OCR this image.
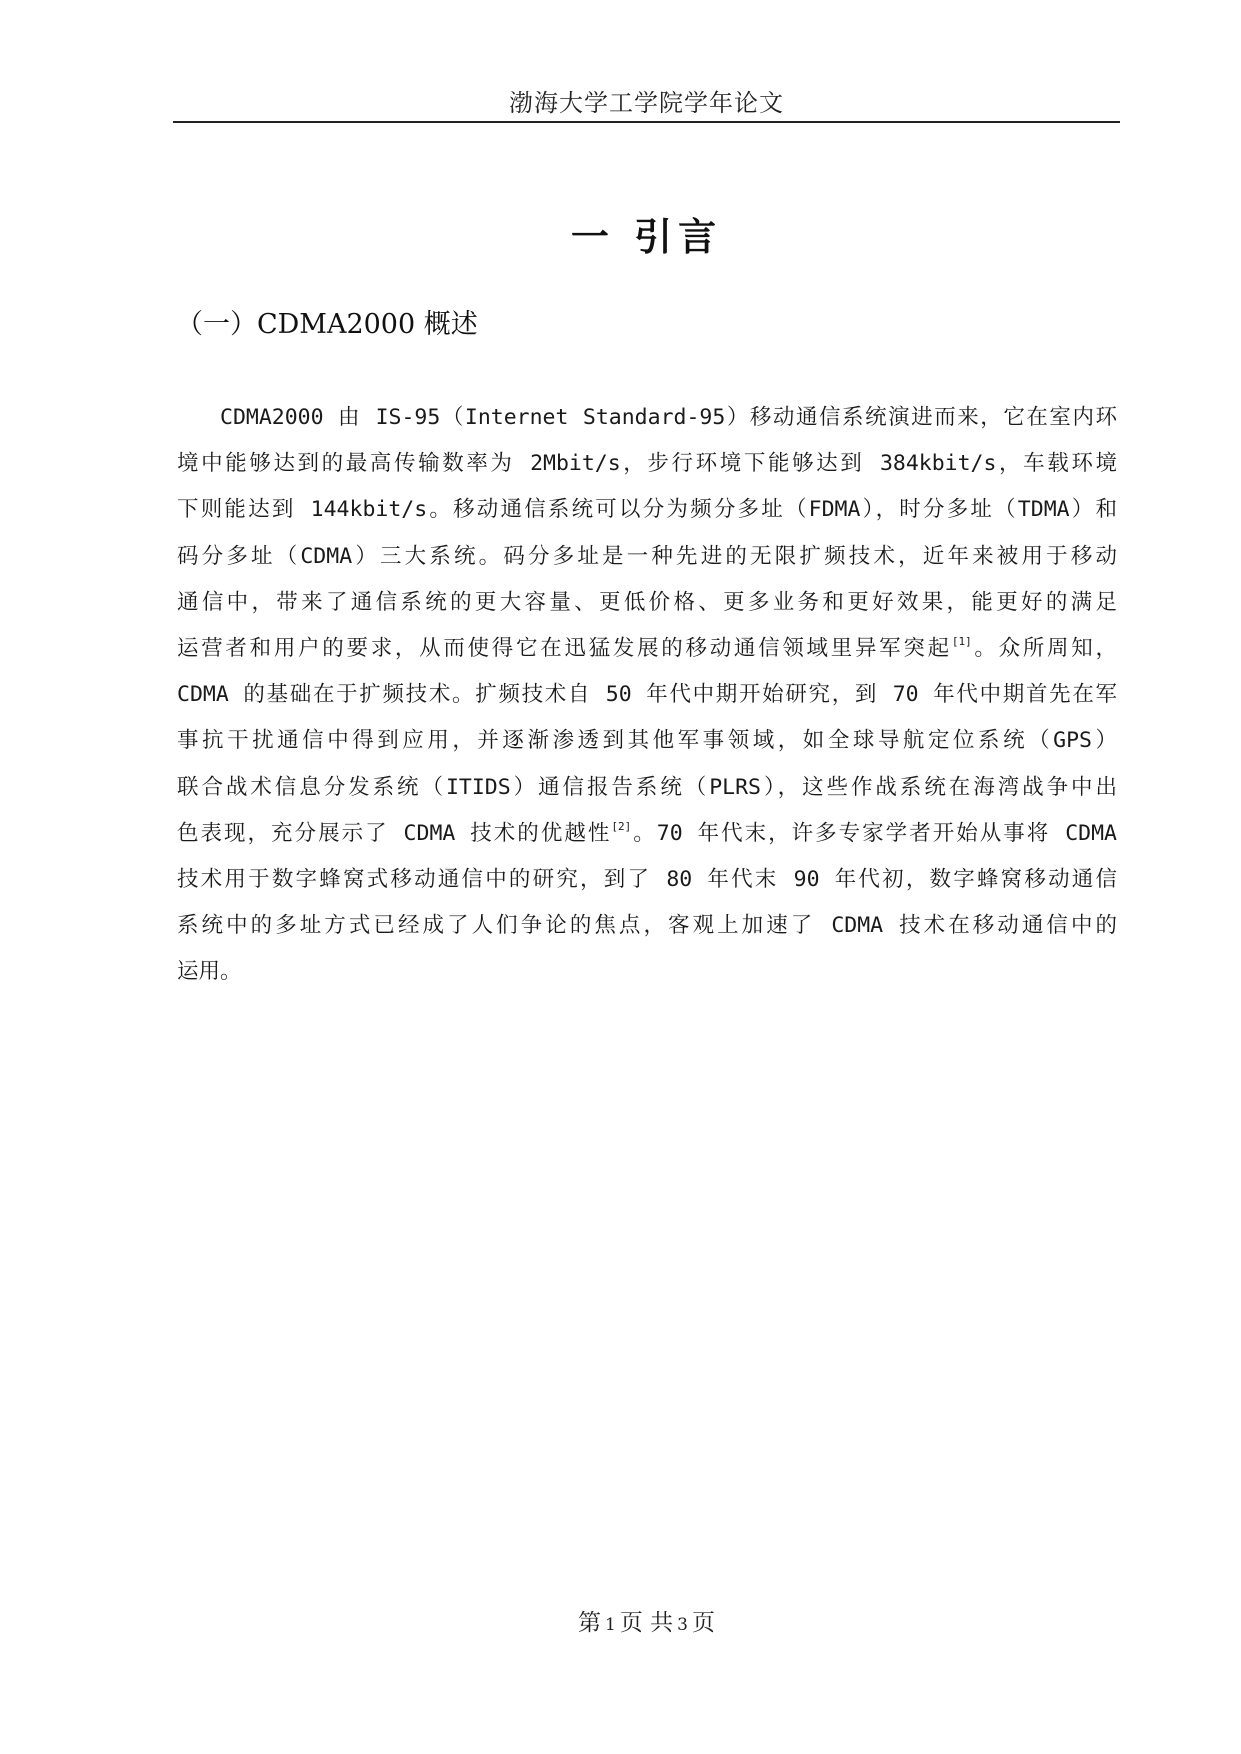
渤海大学工学院学年论文
一 引言
（一）CDMA2000 概述
CDMA2000 由 IS-95（Internet Standard-95）移动通信系统演进而来，它在室内环
境中能够达到的最高传输数率为 2Mbit/s，步行环境下能够达到 384kbit/s，车载环境
下则能达到 144kbit/s。移动通信系统可以分为频分多址（FDMA），时分多址（TDMA）和
码分多址（CDMA）三大系统。码分多址是一种先进的无限扩频技术，近年来被用于移动
通信中，带来了通信系统的更大容量、更低价格、更多业务和更好效果，能更好的满足
运营者和用户的要求，从而使得它在迅猛发展的移动通信领域里异军突起[1]。众所周知，
CDMA 的基础在于扩频技术。扩频技术自 50 年代中期开始研究，到 70 年代中期首先在军
事抗干扰通信中得到应用，并逐渐渗透到其他军事领域，如全球导航定位系统（GPS）
联合战术信息分发系统（ITIDS）通信报告系统（PLRS），这些作战系统在海湾战争中出
色表现，充分展示了 CDMA 技术的优越性[2]。70 年代末，许多专家学者开始从事将 CDMA
技术用于数字蜂窝式移动通信中的研究，到了 80 年代末 90 年代初，数字蜂窝移动通信
系统中的多址方式已经成了人们争论的焦点，客观上加速了 CDMA 技术在移动通信中的
运用。
第 1 页 共 3 页
